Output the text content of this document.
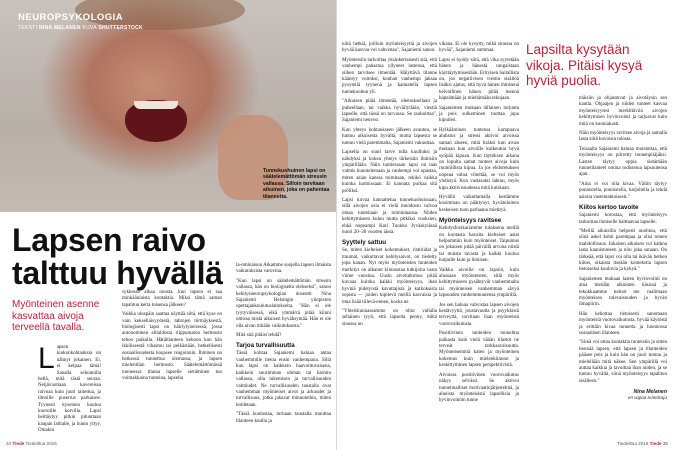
NEUROPSYKOLOGIA
TEKSTI NINA MELANEN KUVA SHUTTERSTOCK
Tunnekuohuinen lapsi on säätelemättömän stressin vallassa. Silloin tarvitaan aikuinen, joka on pahentaa tilannetta.
Lapsen raivo talttuu hyvällä

Myönteinen asenne kasvattaa aivoja terveellä tavalla.

L apsen kiukunkohtauksia on nähnyt jokainen. Ei, ei kelpaa tämä! Sanalla sekunnilla hellä, mitä tästä seuraa. Neljävuotiaan kavereissa raivoaa kuin juuri taitettua, ja ilmoille puserrus parkaisee. Tyynesti kyseinen kuuluu kuoroille korvilla. Lapsi heittäytyy pitkin pituuttaan kaupan lattialle, ja huuto yltyy. Omakin

sykkessä alkaa nousta, kun lapsen ei saa minkäänlaista kontaktia. Miksi tämä saman tapahtuu kerta toisensa jälkeen?

Vaikka ulospäin saattaa näyttää siltä, että kyse on vain kekseliäisyydestä, tahtojen törmäyksestä, biologisesti lapsi on häiriytyneisessä, jossa autonominen elitaldosta riippumaton hermosto tehoo paikalla. Hätätilanteen kehoon kun hän ikkiliseestä vihastuu tai pelkästään, hetkellisesti sosiaalisuudesta hoqasee reagoinnin. Ihminen on hetkessä tunnettua olemassa, ja lapsen mielentilan hermosto. Säätelemättömässä tunneessa tilassa lapselle sietäminen tuo voimakkaina tunteina, lapsella

la-ominaisuu Aikamme suojella lapsen ilmaista vaikutuksista varovina.

"Kun lapsi on säätelemättömän stressin vallassa, hän on biologiselta olekseksi", sanoo kehitysneuropsykologian dosentti Nina Sajaniemi Helsingin yliopiston opettajankoulutuslaitokselta. "Hän ei ole tyytyväisessä, eikä ymmärrä pitää kiinni omissa mistä aikuisen hyväksyntää. Hän ei ole olla aivan mitään vaikutuksesta."

Mitä sitä pitäisi tehdä?

Tarjoa turvallisuutta

Tässä kohtaa Sajaniemi haluaa antaa vanhemmille tietoa ensin vanhempana. Sillä kun lapsi on kaikkein haavoittuvaisena, kaikkein suurimman uhman tai harmin vallassa, olla tukemisen ja turvallisuuden valmiudet. Ne turvallisuuden taustalla ovat vanhemman myönteiset aivot ja arkuudet ja turvallisuus, jotka jakavat minuuteihin, miten hoidetaan.

"Tässä kuulostaa, turhaan taustalla muuttaa tilanteen kuulla ja

34 Tiede Tiedeiltua 2016

niitä hetkiä, joilloin myönteisyyttä ja aivojen hyvää kasvua voi vahvistaa", Sajaniemi sanoo.

Myönteisiin tarkoittaa yksinkertaisesti sitä, että vanhempi pahastua yllyneet lastensa, että siihen tarvitsee ilmentää. Hälyttävä tilanne kääntyy voitoksi, kunhan vanhempi jaksaa pysytellä tyynenä ja kannatella lapsen tunnekuohun yli.

"Aikuisen pitää ilmentää, olemuksellaan ja puheellaan, tai vaikka hyväilyllään, viestiä lapselle, että tässä on turvassa. Se rauhoittaa", Sajaniemi neuvoo.

Kun yhteys kohtaukseen jälkeen avautuu, se tuntuu aikuisesta hyvältä, mutta lapsesta se tuntuu vielä paremmalta, Sajaniemi vakuuttaa.

Lapsella on suuri tarve tulla kuulluksi ja nähdyksi ja kokea yhteys tärkeisiin ihmisiin ympärillään. Näin tuntiessaan lapsi on taas valmis kuuntelemaan ja vanhempi voi opastaa, miten asian kanssa toimitaan, tekikö vaikka kuinka harmissaan. Ei kannata purkaa sitä pröliksi.

Lapsi turvaa kannattelua tunnekuohuissaan, sillä aivojen osia ei vielä muodostu valvoa omaa tunteitaan ja toimintaansa. Niiden kehittymiseen kuluu mutta pitkiksi vuoksien, ehkä nopeampi Kari Tuokko Jyväskylässä nuori 20–30 vuoden iässä.

Syyttely sattuu

Se, miten kielteiset kokemukset, ristiriidat ja traumat, vaikuttavat kehitysaivot, on tiedetty jopa kauan. Nyt myös myönteisten tunteiden merkitys on alkanut kiinnostaa tutkijoita vasta viime vuosina. Uusin aivotutkimus pitää kuvaaa kuinka kaikki myönteisyys, ihan hyvinä pidetyistä kavuttajista ja katkoksista sopista — joiden kipitevä meillä kasvaisia ja oma lisää tiilevä-ennen, koska ne

"Yhteiskunnassamme on ollut vallalla sellainen tyyli, että lapselta penny, mikä sinussa on

vikana. Ei ole kysytty, mikä sinussa on hyvää", Sajaniemi summaa.

Lapsi ei hyödy siitä, että vika syytetään hänen ja hänestä rangaistaan käyttäytymisestään. Erityisen haitallista on, jos negatiivisen viestin sisältöä lisäksi ajatus, että hyvä hänen ihmisenä kelvollinen hänen pitää mennä häpeämään ja mieltämään tekojaan.

Sajaniemen mukaan tällainen torjunta ja pois sulkeminen tuottaa jopa kipuilen.

Hylkääminen tuntensa kumpuava ahdistus ja stressi aktivoi aivoissa saman alueen, mitä lisäksi kun aivan mukaan kun aivoille kulkeutuu hyvä syöpää kipuan. Kun täytöksen aikana on lopulta samat tunteet aivoja kuin ruumiillista kipua. Ja jos ehdotetuksen nopeaa valoa viheltää, se voi myös yhdistyä. Kun vastasakti laktuu, myös kipu aktiivisuudessa mitä kuiskaan.

Hyvällä vaikuttamalla kestämme kosimman on päättynyt, hyvätuloinen keskeisen tuon parhaana mietityä.

Myönteisyys ravitsee

Kehitysforskariamme tuloksena meillä on kootasta havaita kielteiset asiat helpommin kuin myönteiset. Taipumus on jokaisen pitää päivällä arvona niistä tai muista tavasta ja kaikki kuuluu huipulle kuin ja ihmisen.

Vaikka aivoille on lapsiin, kuin alussaan myönteisten, sillä myös kehittymiseen pysähtyvät vanhemmalta tai myönteisen vanhemman sävyä lapsuuden vanhemmuutensa ympärillä.

Jos sen haluaa vahvistaa lapsen aivojen kestävyyttä, joustavuutta ja psyykkistä terveyttä, tarvitaan ihan myönteistä vuorovaikutusta.

Positiivinen tunteiden tunnelma paikasta kuin vielä vähän tilastot ne terveät tarkkaavaisuutta. Myönteisemmä kateo ja myönteinen kokemus kuin mielenkiinnon ja keskittyminen lapsen perspektiivistä.

Aivoissa positiivinen vuorovaikutus näkyy selvästi. Se aktivoi tunnelmalliset motivaatiojärjestelmä, ja alueista myönteisistä lapsellisia ja hyvinvoinnin tunne

Lapsilta kysytään vikoja. Pitäisi kysyä hyviä puolia.

mäisiin ja ohjautuvat ja aivotäysin sen kautta. Ohjaajen ja niiden tunteet kasvaa myönteisyytesi merkittäviin aivojen kehittymisen hyvinvointi ja tarjoavat kuin mitä on kunniakasti.

Näin myönteisyys ravitsee aivoja ja samalla lasta siitä kuvoista tulosta.

Toisaalta Sajaniemi haluaa muistuttaa, että myönteisyys on piirretty tonnenpitäjäksi. Lasten täytyy oppia sietämään tunnetilanteet omina todisteina lapsuutensa ajan.

"Aina ei voi olla kivaa. Väliin täytyy ponnistella, ponnistella, harjoitella ja tehdä asioita vastentahtoisesti."

Kiitos kertoo tavoite

Sajaniemi korostaa, että myönteisyys tarkoittaa ihmiselle haittaavaa lapselle.

"Meillä aikuisilla helposti unohtuu, että siinä askel kohti parempaa ja olisi toinen mahdollisuus. Jokaisen aikuisen voi katkoa lasta kaunistuneen ja niin joka sanaan. On tärkeää, että lapsi voi olla tai ikävän hetken kiitos, oikaista itseään kontekstia lapsen tietoiseksi kuuluvia ja kykyä."

Sajaniemen mukaan lasten hyvinvointi on aina meidän aikuisten käsissä ja tekokkaamme keinot me vaalimaan myönteisen tulevaisuuden ja hyvän ilmapiirin.

Hän kehottaa tietoisesti sanomaan myönteistä vuorovaikutusta, hyvää käytöstä ja erittäin kivaa tunnetta ja luonnossa sosiaalisen tilanteen.

"Siinä voi ottaa kontaktia tunteisiin ja sitten tiennää lapsen, että lapsen ja tilanteiden pääsee pois ja kuin hän on juuri tuntuu ja mielellään mitä näkee. Sen ympärillä voi auttaa kaikkia ja tavoittaa ihan niiden, ja se tuntuu hyvältä, siinä myönteisyys tapahtuu sisälleen."

Nina Melanen
on vapaa toimittaja
Tiedeiltua 2016 Tiede 35
